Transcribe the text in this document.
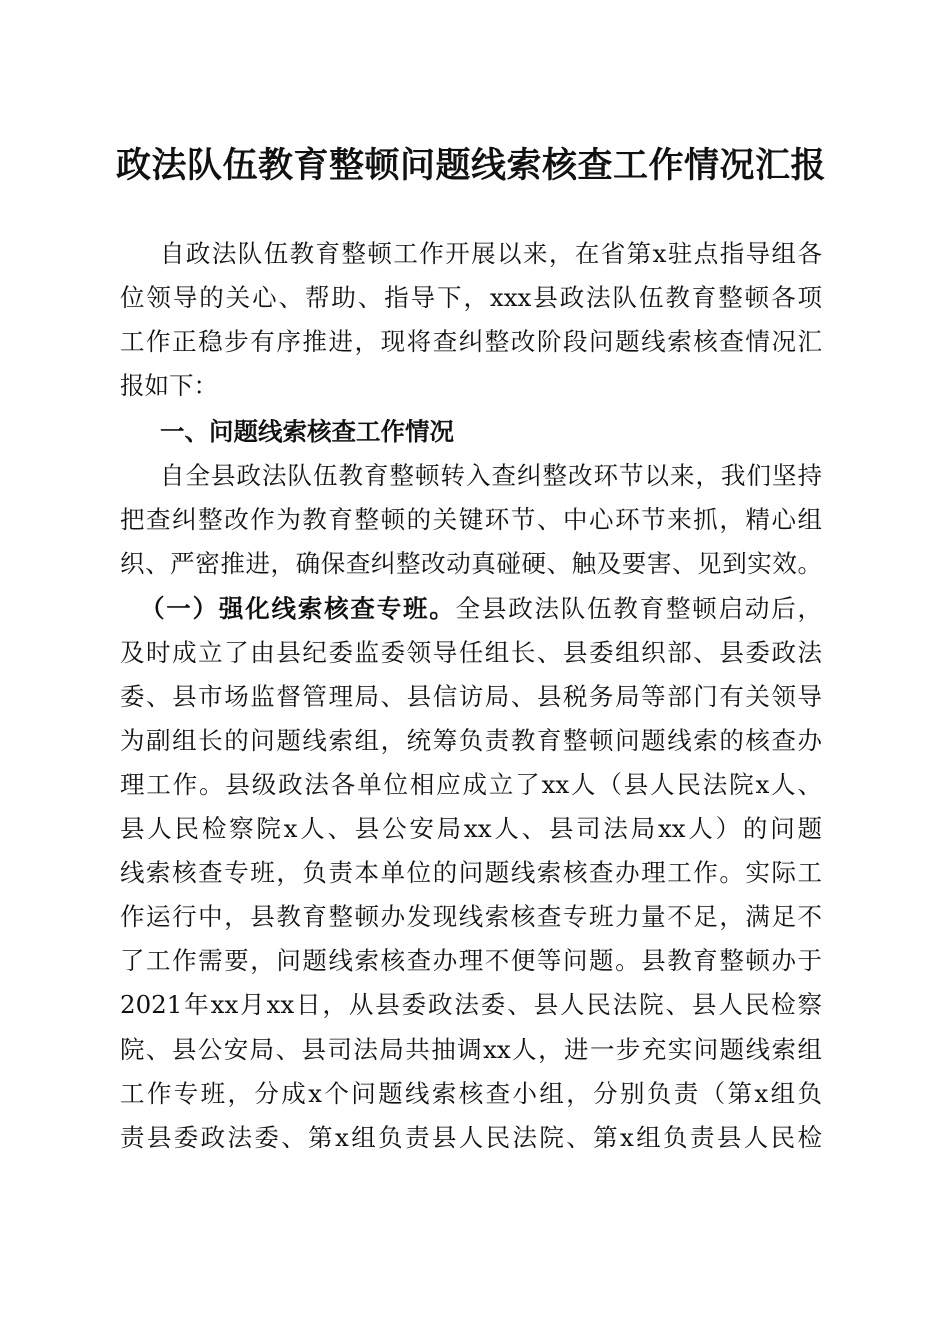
政法队伍教育整顿问题线索核查工作情况汇报
自政法队伍教育整顿工作开展以来，在省第x驻点指导组各
位领导的关心、帮助、指导下，xxx县政法队伍教育整顿各项
工作正稳步有序推进，现将查纠整改阶段问题线索核查情况汇
报如下：
一、问题线索核查工作情况
自全县政法队伍教育整顿转入查纠整改环节以来，我们坚持
把查纠整改作为教育整顿的关键环节、中心环节来抓，精心组
织、严密推进，确保查纠整改动真碰硬、触及要害、见到实效。
（一）强化线索核查专班。全县政法队伍教育整顿启动后，
及时成立了由县纪委监委领导任组长、县委组织部、县委政法
委、县市场监督管理局、县信访局、县税务局等部门有关领导
为副组长的问题线索组，统筹负责教育整顿问题线索的核查办
理工作。县级政法各单位相应成立了xx人（县人民法院x人、
县人民检察院x人、县公安局xx人、县司法局xx人）的问题
线索核查专班，负责本单位的问题线索核查办理工作。实际工
作运行中，县教育整顿办发现线索核查专班力量不足，满足不
了工作需要，问题线索核查办理不便等问题。县教育整顿办于
2021年xx月xx日，从县委政法委、县人民法院、县人民检察
院、县公安局、县司法局共抽调xx人，进一步充实问题线索组
工作专班，分成x个问题线索核查小组，分别负责（第x组负
责县委政法委、第x组负责县人民法院、第x组负责县人民检
